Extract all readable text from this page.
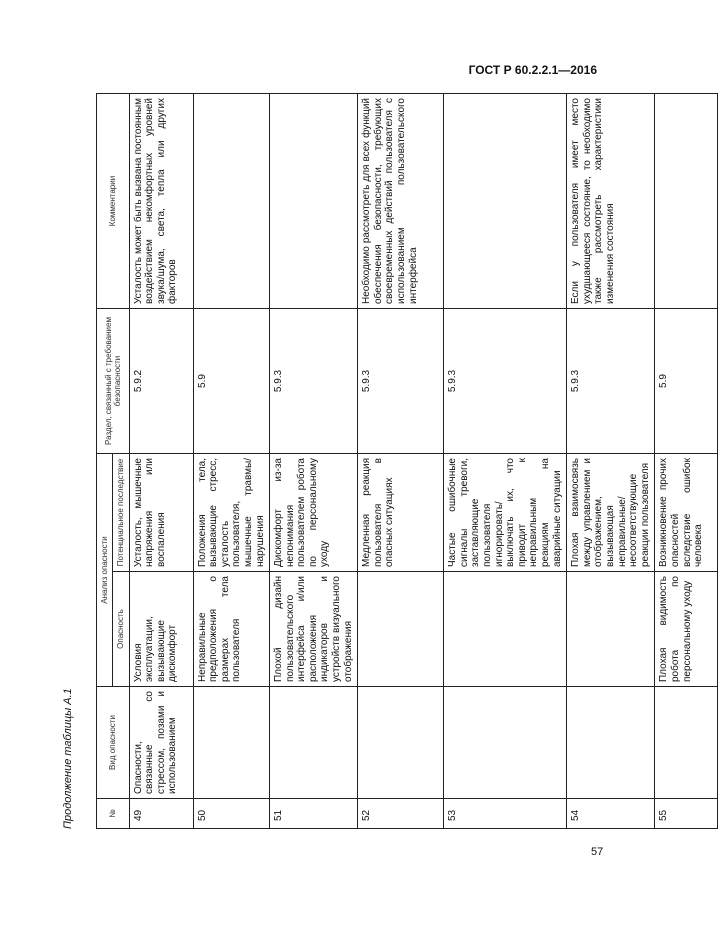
ГОСТ Р 60.2.2.1—2016
Продолжение таблицы А.1	№	Вид опасности	Анализ опасности		Раздел, связанный с требованием безопасности	Комментарии
		Опасность	Потенциальное последствие		
49	Опасности, связанные со стрессом, позами и использованием	Условия эксплуатации, вызывающие дискомфорт	Усталость, мышечные напряжения или воспаления	5.9.2	Усталость может быть вызвана постоянным воздействием некомфортных уровней звука/шума, света, тепла или других факторов
50		Неправильные предположения о размерах тела пользователя	Положения тела, вызывающие стресс, усталость пользователя, мышечные травмы/нарушения	5.9	
51		Плохой дизайн пользовательского интерфейса и/или расположения индикаторов и устройств визуального отображения	Дискомфорт из-за непонимания пользователем робота по персональному уходу	5.9.3	
52			Медленная реакция пользователя в опасных ситуациях	5.9.3	Необходимо рассмотреть для всех функций обеспечения безопасности, требующих своевременных действий пользователя с использованием пользовательского интерфейса
53			Частые ошибочные сигналы тревоги, заставляющие пользователя игнорировать/выключать их, что приводит к неправильным реакциям на аварийные ситуации	5.9.3	
54			Плохая взаимосвязь между управлением и отображением, вызывающая неправильные/несоответствующие реакции пользователя	5.9.3	Если у пользователя имеет место ухудшающееся состояние, то необходимо также рассмотреть характеристики изменения состояния
55		Плохая видимость робота по персональному уходу	Возникновение прочих опасностей вследствие ошибок человека	5.9	
57
